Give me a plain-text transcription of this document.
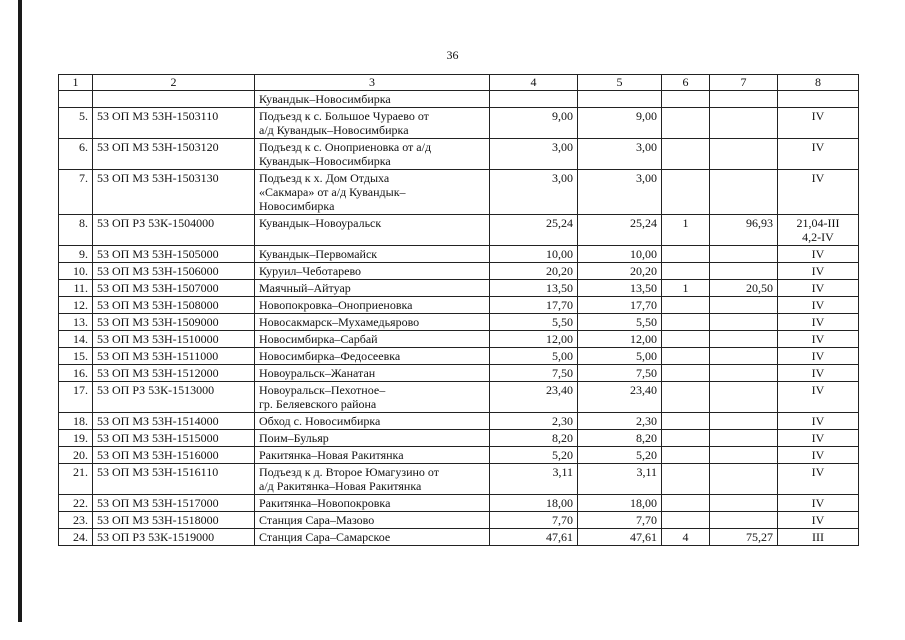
36
1	2	3	4	5	6	7	8
		Кувандык–Новосимбирка					
5.	53 ОП МЗ 53Н-1503110	Подъезд к с. Большое Чураево от
а/д Кувандык–Новосимбирка	9,00	9,00			IV
6.	53 ОП МЗ 53Н-1503120	Подъезд к с. Оноприеновка от а/д
Кувандык–Новосимбирка	3,00	3,00			IV
7.	53 ОП МЗ 53Н-1503130	Подъезд к х. Дом Отдыха
«Сакмара» от а/д Кувандык–
Новосимбирка	3,00	3,00			IV
8.	53 ОП РЗ 53К-1504000	Кувандык–Новоуральск	25,24	25,24	1	96,93	21,04-III
4,2-IV
9.	53 ОП МЗ 53Н-1505000	Кувандык–Первомайск	10,00	10,00			IV
10.	53 ОП МЗ 53Н-1506000	Куруил–Чеботарево	20,20	20,20			IV
11.	53 ОП МЗ 53Н-1507000	Маячный–Айтуар	13,50	13,50	1	20,50	IV
12.	53 ОП МЗ 53Н-1508000	Новопокровка–Оноприеновка	17,70	17,70			IV
13.	53 ОП МЗ 53Н-1509000	Новосакмарск–Мухамедьярово	5,50	5,50			IV
14.	53 ОП МЗ 53Н-1510000	Новосимбирка–Сарбай	12,00	12,00			IV
15.	53 ОП МЗ 53Н-1511000	Новосимбирка–Федосеевка	5,00	5,00			IV
16.	53 ОП МЗ 53Н-1512000	Новоуральск–Жанатан	7,50	7,50			IV
17.	53 ОП РЗ 53К-1513000	Новоуральск–Пехотное–
гр. Беляевского района	23,40	23,40			IV
18.	53 ОП МЗ 53Н-1514000	Обход с. Новосимбирка	2,30	2,30			IV
19.	53 ОП МЗ 53Н-1515000	Поим–Бульяр	8,20	8,20			IV
20.	53 ОП МЗ 53Н-1516000	Ракитянка–Новая Ракитянка	5,20	5,20			IV
21.	53 ОП МЗ 53Н-1516110	Подъезд к д. Второе Юмагузино от
а/д Ракитянка–Новая Ракитянка	3,11	3,11			IV
22.	53 ОП МЗ 53Н-1517000	Ракитянка–Новопокровка	18,00	18,00			IV
23.	53 ОП МЗ 53Н-1518000	Станция Сара–Мазово	7,70	7,70			IV
24.	53 ОП РЗ 53К-1519000	Станция Сара–Самарское	47,61	47,61	4	75,27	III
